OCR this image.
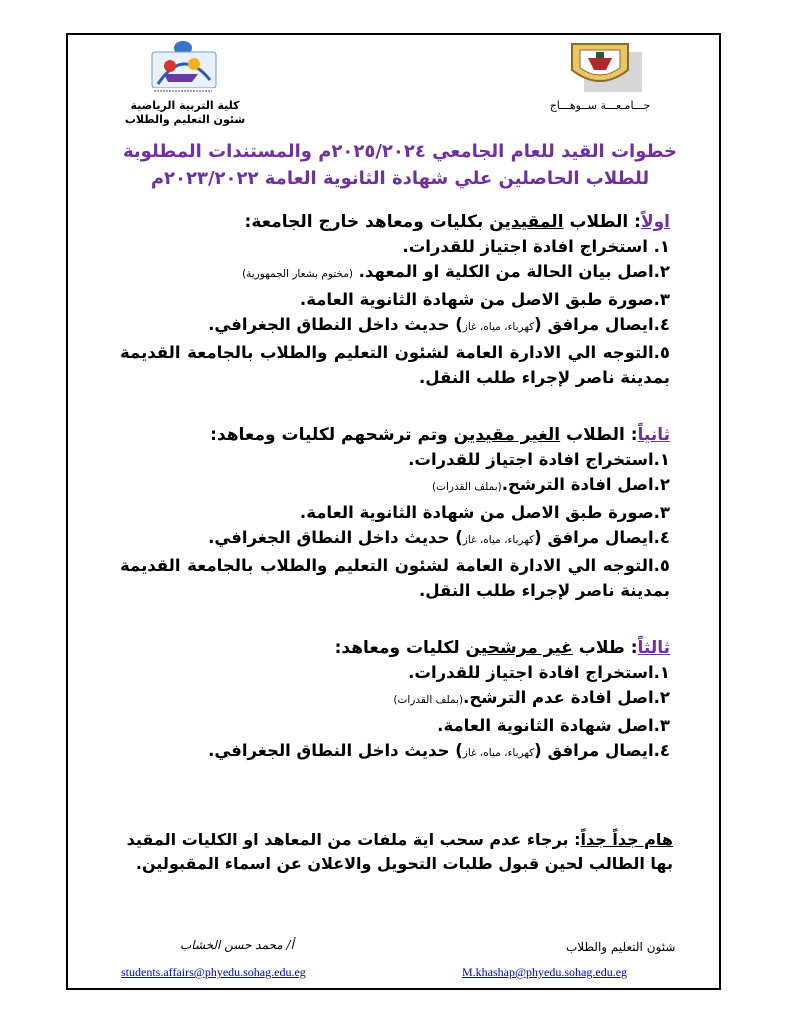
كلية التربية الرياضية
شئون التعليم والطلاب
جـــامـعـــة ســوهـــاج
خطوات القيد للعام الجامعي ٢٠٢٥/٢٠٢٤م والمستندات المطلوبة
للطلاب الحاصلين علي شهادة الثانوية العامة ٢٠٢٣/٢٠٢٢م

اولاً: الطلاب المقيدين بكليات ومعاهد خارج الجامعة:

١. استخراج افادة اجتياز للقدرات.
٢.اصل بيان الحالة من الكلية او المعهد. (مختوم بشعار الجمهورية)
٣.صورة طبق الاصل من شهادة الثانوية العامة.
٤.ايصال مرافق (كهرباء، مياه، غاز) حديث داخل النطاق الجغرافي.
٥.التوجه الي الادارة العامة لشئون التعليم والطلاب بالجامعة القديمة بمدينة ناصر لإجراء طلب النقل.

ثانياً: الطلاب الغير مقيدين وتم ترشحهم لكليات ومعاهد:

١.استخراج افادة اجتياز للقدرات.
٢.اصل افادة الترشح.(بملف القدرات)
٣.صورة طبق الاصل من شهادة الثانوية العامة.
٤.ايصال مرافق (كهرباء، مياه، غاز) حديث داخل النطاق الجغرافي.
٥.التوجه الي الادارة العامة لشئون التعليم والطلاب بالجامعة القديمة بمدينة ناصر لإجراء طلب النقل.

ثالثاً: طلاب غير مرشحين لكليات ومعاهد:

١.استخراج افادة اجتياز للقدرات.
٢.اصل افادة عدم الترشح.(بملف القدرات)
٣.اصل شهادة الثانوية العامة.
٤.ايصال مرافق (كهرباء، مياه، غاز) حديث داخل النطاق الجغرافي.
هام جداً جداً: برجاء عدم سحب اية ملفات من المعاهد او الكليات المقيد بها الطالب لحين قبول طلبات التحويل والاعلان عن اسماء المقبولين.
أ/ محمد حسن الخشاب	شئون التعليم والطلاب
students.affairs@phyedu.sohag.edu.eg	M.khashap@phyedu.sohag.edu.eg
